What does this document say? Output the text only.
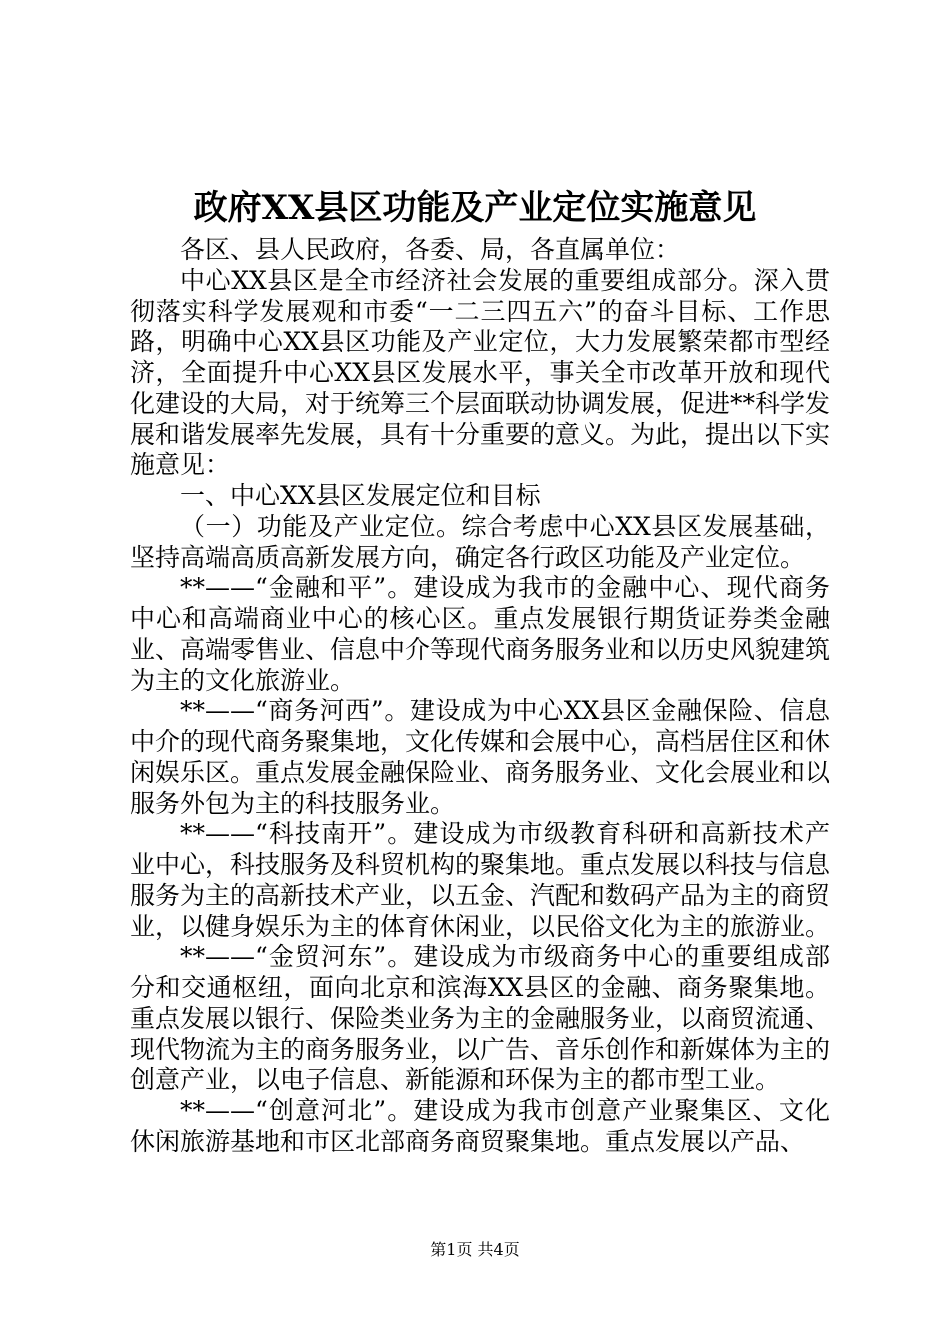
政府XX县区功能及产业定位实施意见

各区、县人民政府，各委、局，各直属单位：

中心XX县区是全市经济社会发展的重要组成部分。深入贯彻落实科学发展观和市委“一二三四五六”的奋斗目标、工作思路，明确中心XX县区功能及产业定位，大力发展繁荣都市型经济，全面提升中心XX县区发展水平，事关全市改革开放和现代化建设的大局，对于统筹三个层面联动协调发展，促进**科学发展和谐发展率先发展，具有十分重要的意义。为此，提出以下实施意见：

一、中心XX县区发展定位和目标

（一）功能及产业定位。综合考虑中心XX县区发展基础，坚持高端高质高新发展方向，确定各行政区功能及产业定位。

**——“金融和平”。建设成为我市的金融中心、现代商务中心和高端商业中心的核心区。重点发展银行期货证券类金融业、高端零售业、信息中介等现代商务服务业和以历史风貌建筑为主的文化旅游业。

**——“商务河西”。建设成为中心XX县区金融保险、信息中介的现代商务聚集地，文化传媒和会展中心，高档居住区和休闲娱乐区。重点发展金融保险业、商务服务业、文化会展业和以服务外包为主的科技服务业。

**——“科技南开”。建设成为市级教育科研和高新技术产业中心，科技服务及科贸机构的聚集地。重点发展以科技与信息服务为主的高新技术产业，以五金、汽配和数码产品为主的商贸业，以健身娱乐为主的体育休闲业，以民俗文化为主的旅游业。

**——“金贸河东”。建设成为市级商务中心的重要组成部分和交通枢纽，面向北京和滨海XX县区的金融、商务聚集地。重点发展以银行、保险类业务为主的金融服务业，以商贸流通、现代物流为主的商务服务业，以广告、音乐创作和新媒体为主的创意产业，以电子信息、新能源和环保为主的都市型工业。

**——“创意河北”。建设成为我市创意产业聚集区、文化休闲旅游基地和市区北部商务商贸聚集地。重点发展以产品、

第1页 共4页
